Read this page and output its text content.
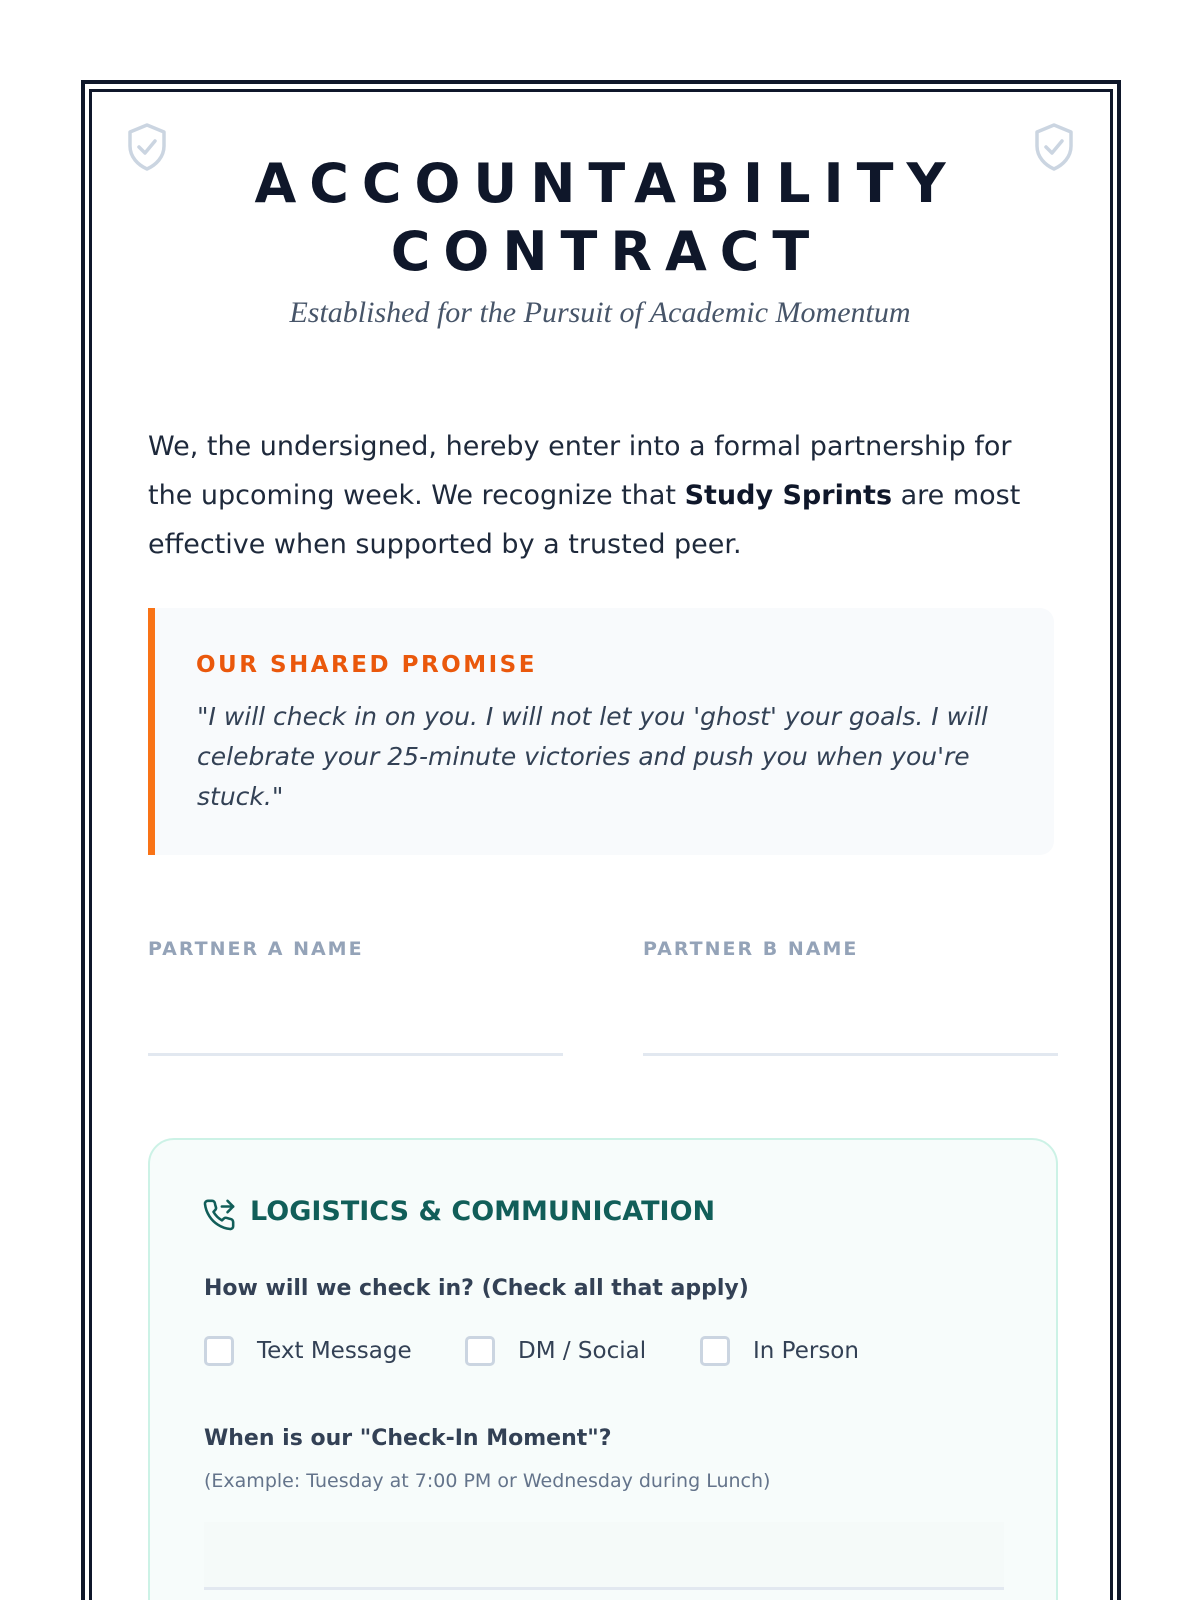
ACCOUNTABILITY
CONTRACT
Established for the Pursuit of Academic Momentum

We, the undersigned, hereby enter into a formal partnership for the upcoming week. We recognize that Study Sprints are most effective when supported by a trusted peer.

OUR SHARED PROMISE
"I will check in on you. I will not let you 'ghost' your goals. I will celebrate your 25-minute victories and push you when you're stuck."
PARTNER A NAME	PARTNER B NAME
LOGISTICS & COMMUNICATION
How will we check in? (Check all that apply)
Text Message	DM / Social	In Person
When is our "Check-In Moment"?
(Example: Tuesday at 7:00 PM or Wednesday during Lunch)
